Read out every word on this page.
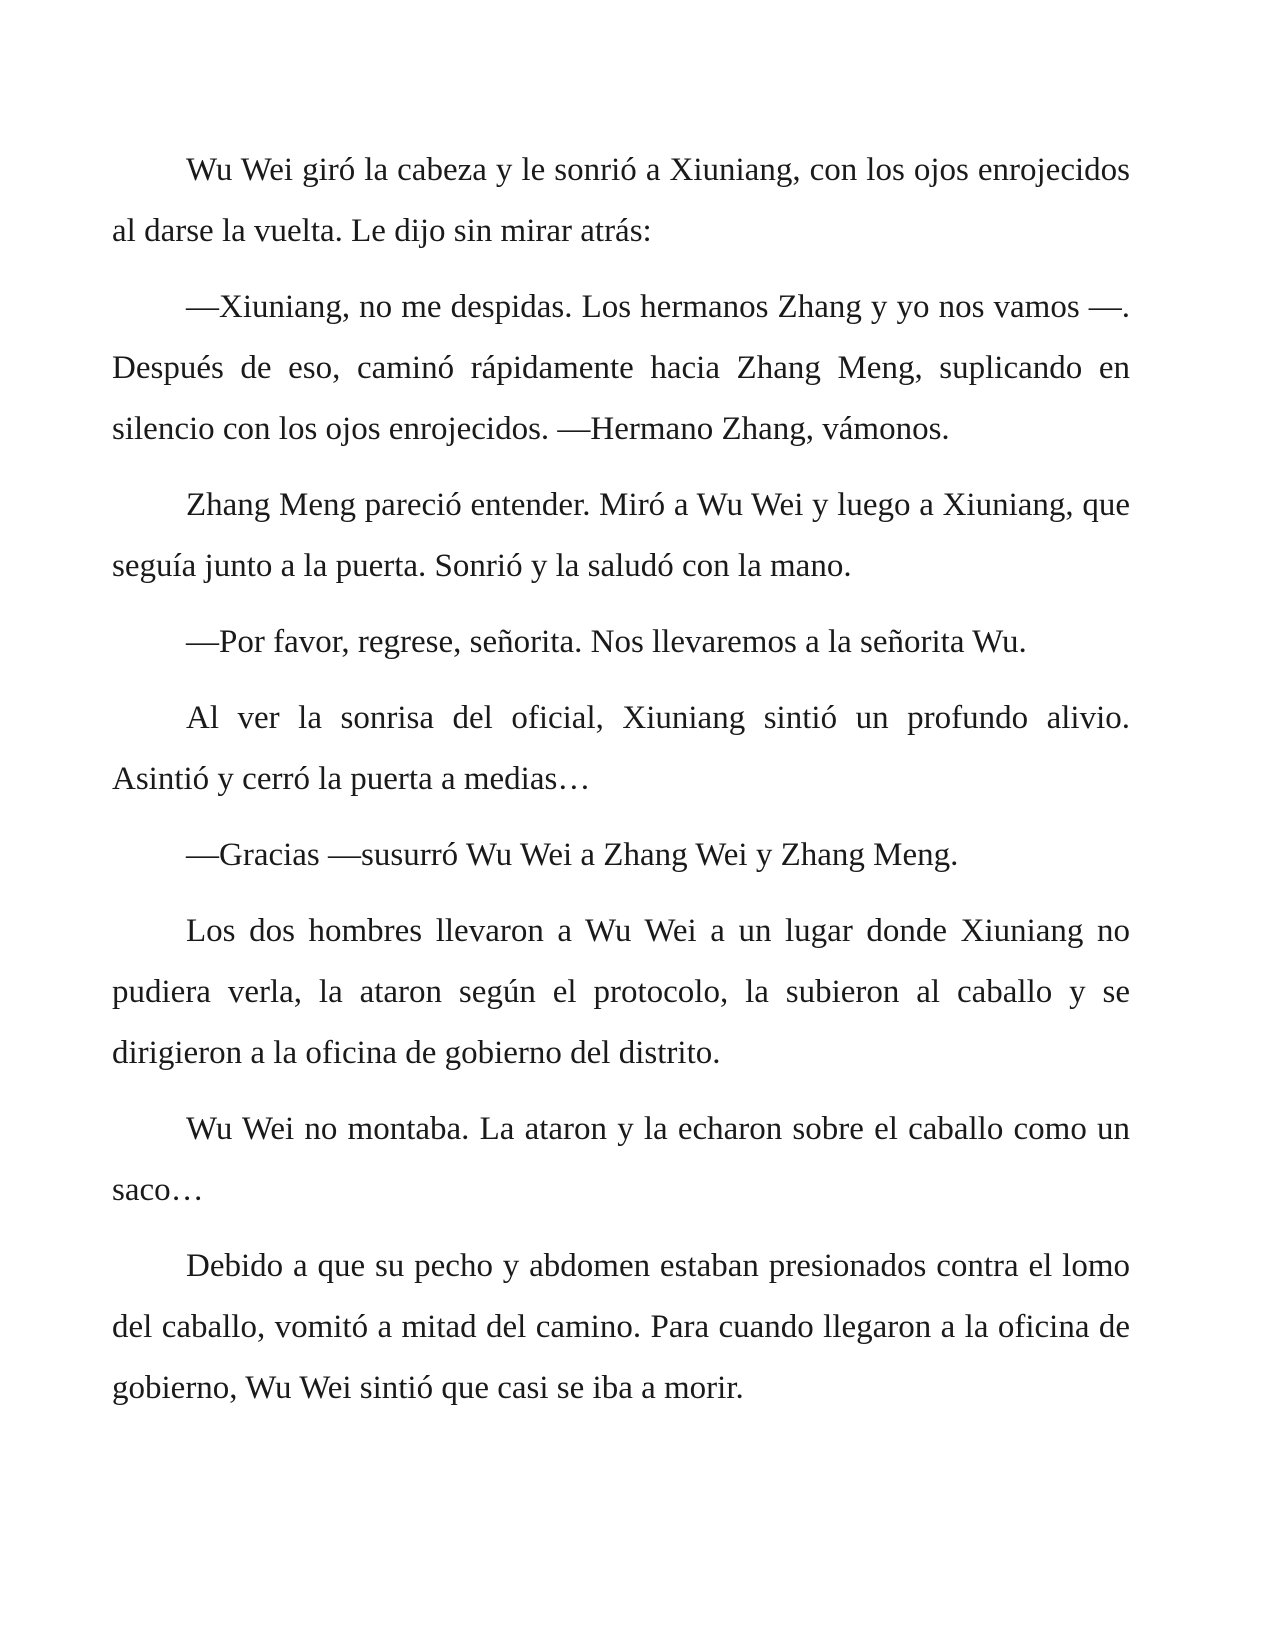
Wu Wei giró la cabeza y le sonrió a Xiuniang, con los ojos enrojecidos al darse la vuelta. Le dijo sin mirar atrás:

—Xiuniang, no me despidas. Los hermanos Zhang y yo nos vamos —. Después de eso, caminó rápidamente hacia Zhang Meng, suplicando en silencio con los ojos enrojecidos. —Hermano Zhang, vámonos.

Zhang Meng pareció entender. Miró a Wu Wei y luego a Xiuniang, que seguía junto a la puerta. Sonrió y la saludó con la mano.

—Por favor, regrese, señorita. Nos llevaremos a la señorita Wu.

Al ver la sonrisa del oficial, Xiuniang sintió un profundo alivio. Asintió y cerró la puerta a medias…

—Gracias —susurró Wu Wei a Zhang Wei y Zhang Meng.

Los dos hombres llevaron a Wu Wei a un lugar donde Xiuniang no pudiera verla, la ataron según el protocolo, la subieron al caballo y se dirigieron a la oficina de gobierno del distrito.

Wu Wei no montaba. La ataron y la echaron sobre el caballo como un saco…

Debido a que su pecho y abdomen estaban presionados contra el lomo del caballo, vomitó a mitad del camino. Para cuando llegaron a la oficina de gobierno, Wu Wei sintió que casi se iba a morir.
